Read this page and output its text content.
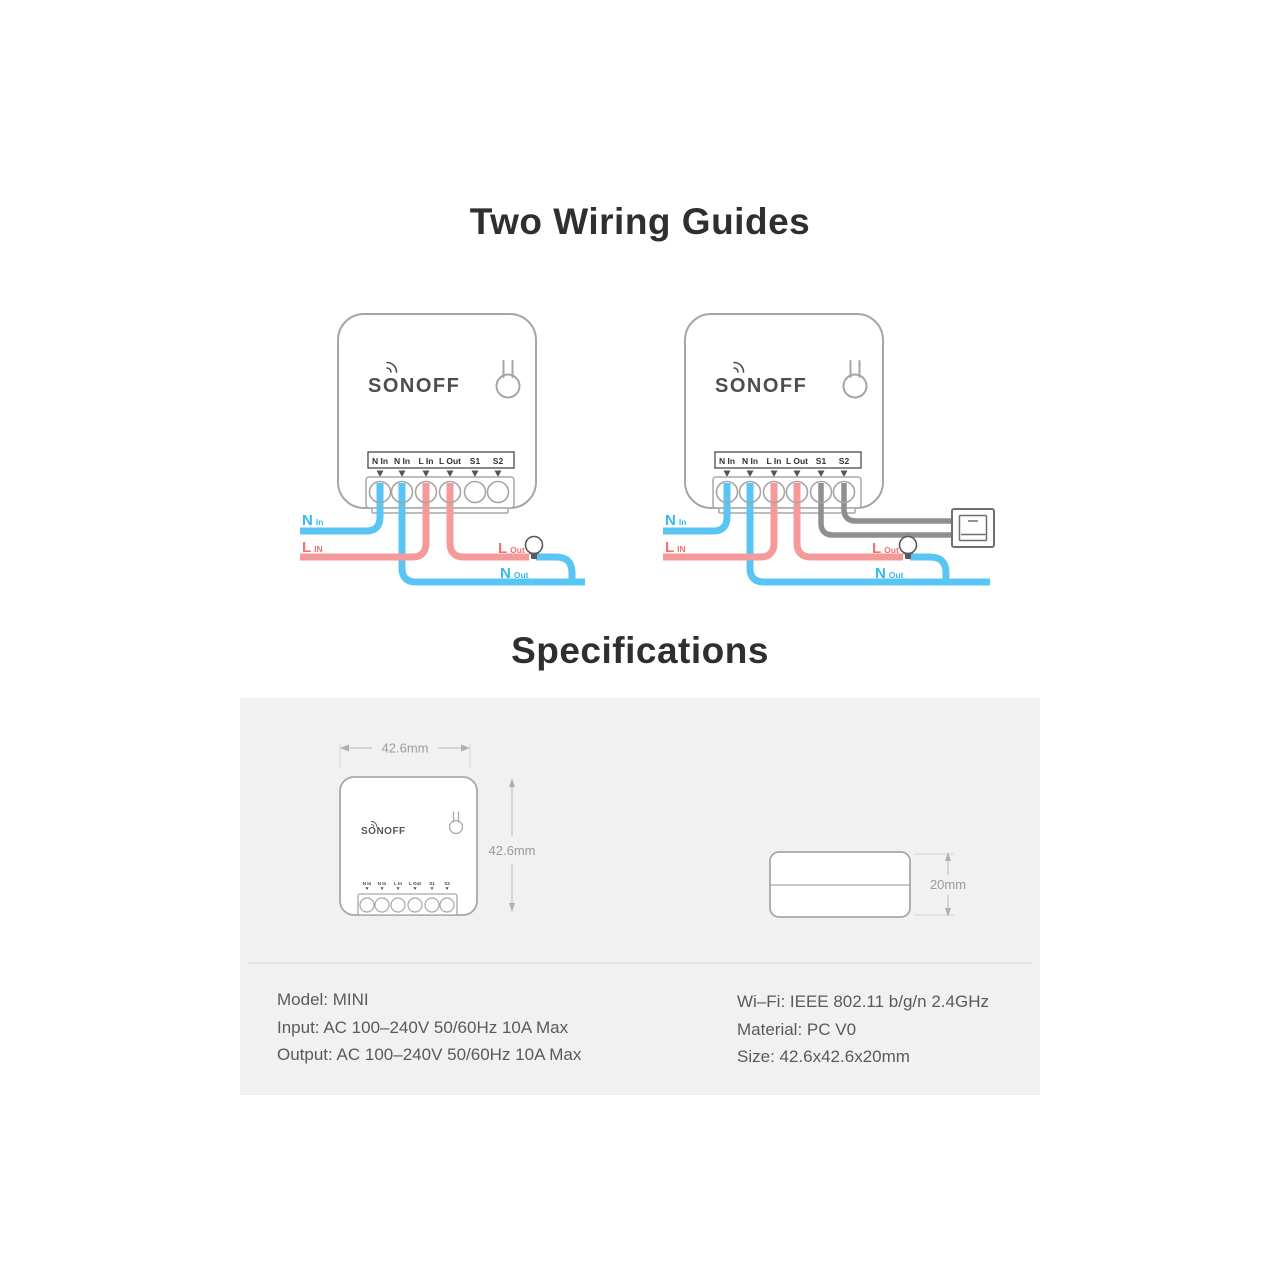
Two Wiring Guides
SONOFF
N In N In L In L Out S1 S2
N In
LIN	L Out
N Out
SONOFF
N In N In L In L Out S1 S2
N In
LIN	L Out
N Out
Specifications
42.6mm
SONOFF
N In N In L In L Out S1 S2
42.6mm
20mm
Model: MINI
Input: AC 100–240V 50/60Hz 10A Max
Output: AC 100–240V 50/60Hz 10A Max
Wi–Fi: IEEE 802.11 b/g/n 2.4GHz
Material: PC V0
Size: 42.6x42.6x20mm
